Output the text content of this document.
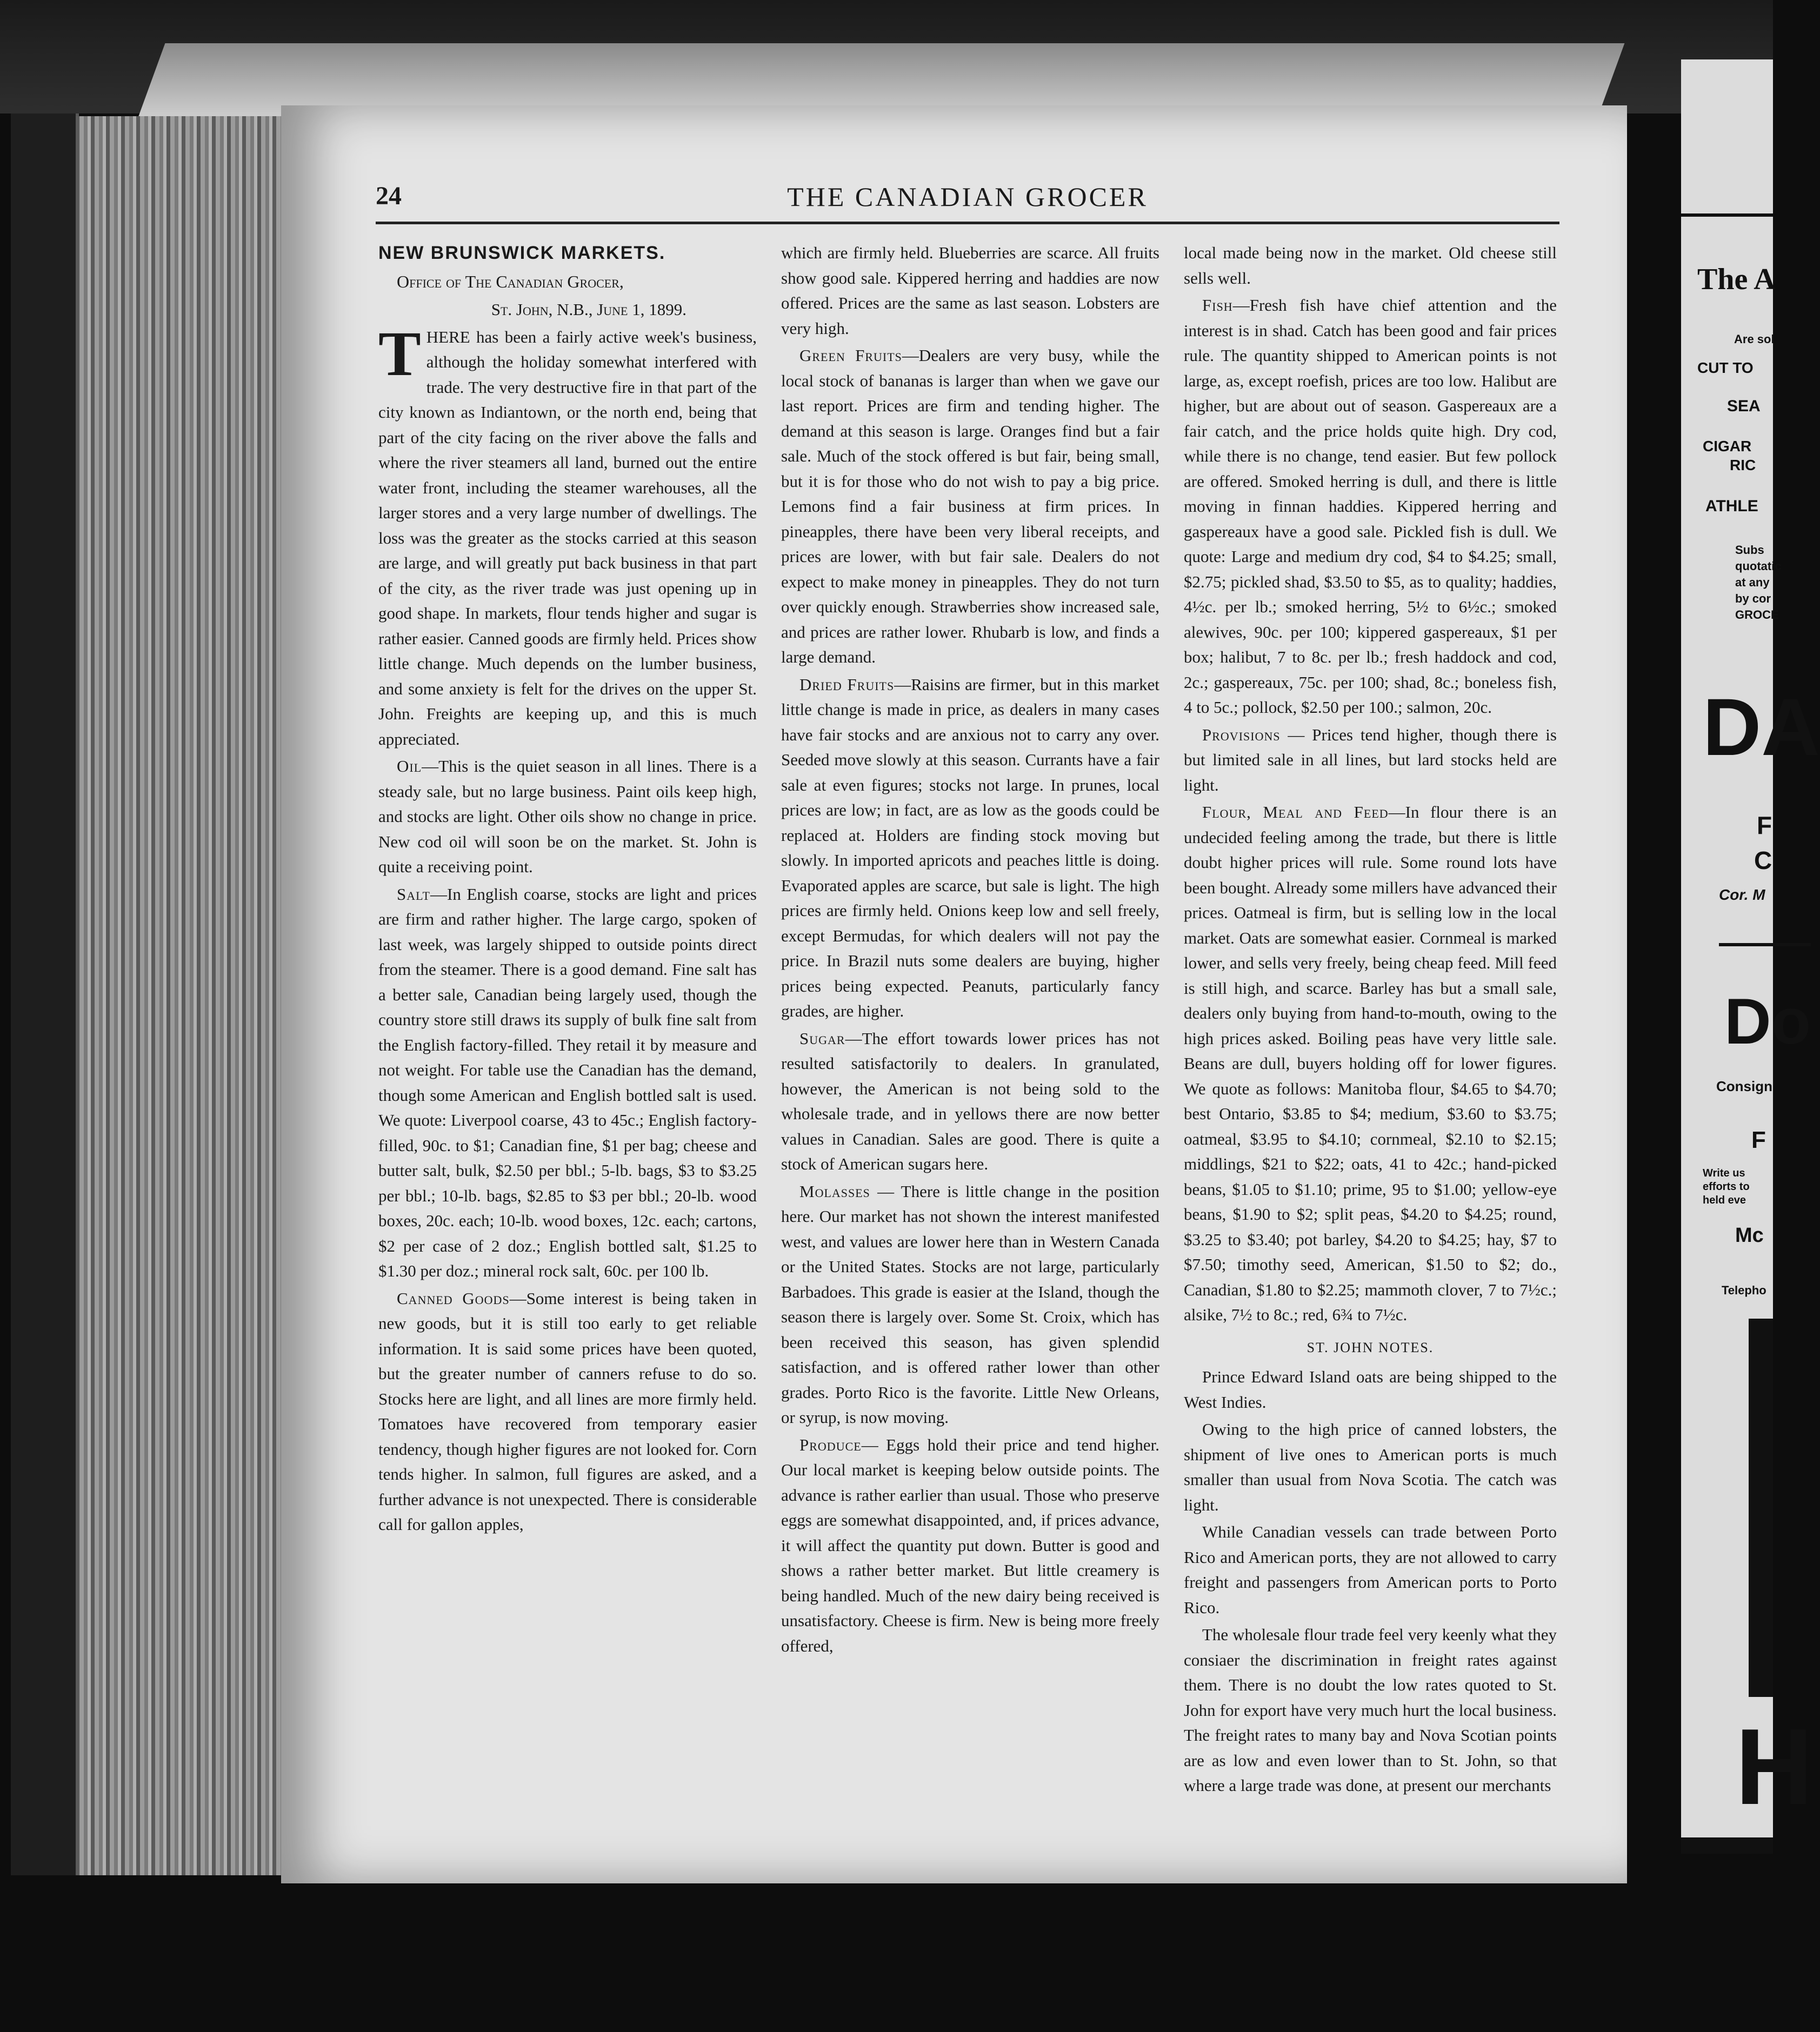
THE CANADIAN GROCER
24

NEW BRUNSWICK MARKETS.

Office of The Canadian Grocer,

St. John, N.B., June 1, 1899.

THERE has been a fairly active week's business, although the holiday somewhat interfered with trade. The very destructive fire in that part of the city known as Indiantown, or the north end, being that part of the city facing on the river above the falls and where the river steamers all land, burned out the entire water front, including the steamer warehouses, all the larger stores and a very large number of dwellings. The loss was the greater as the stocks carried at this season are large, and will greatly put back business in that part of the city, as the river trade was just opening up in good shape. In markets, flour tends higher and sugar is rather easier. Canned goods are firmly held. Prices show little change. Much depends on the lumber business, and some anxiety is felt for the drives on the upper St. John. Freights are keeping up, and this is much appreciated.

Oil—This is the quiet season in all lines. There is a steady sale, but no large business. Paint oils keep high, and stocks are light. Other oils show no change in price. New cod oil will soon be on the market. St. John is quite a receiving point.

Salt—In English coarse, stocks are light and prices are firm and rather higher. The large cargo, spoken of last week, was largely shipped to outside points direct from the steamer. There is a good demand. Fine salt has a better sale, Canadian being largely used, though the country store still draws its supply of bulk fine salt from the English factory-filled. They retail it by measure and not weight. For table use the Canadian has the demand, though some American and English bottled salt is used. We quote: Liverpool coarse, 43 to 45c.; English factory-filled, 90c. to $1; Canadian fine, $1 per bag; cheese and butter salt, bulk, $2.50 per bbl.; 5-lb. bags, $3 to $3.25 per bbl.; 10-lb. bags, $2.85 to $3 per bbl.; 20-lb. wood boxes, 20c. each; 10-lb. wood boxes, 12c. each; cartons, $2 per case of 2 doz.; English bottled salt, $1.25 to $1.30 per doz.; mineral rock salt, 60c. per 100 lb.

Canned Goods—Some interest is being taken in new goods, but it is still too early to get reliable information. It is said some prices have been quoted, but the greater number of canners refuse to do so. Stocks here are light, and all lines are more firmly held. Tomatoes have recovered from temporary easier tendency, though higher figures are not looked for. Corn tends higher. In salmon, full figures are asked, and a further advance is not unexpected. There is considerable call for gallon apples,

which are firmly held. Blueberries are scarce. All fruits show good sale. Kippered herring and haddies are now offered. Prices are the same as last season. Lobsters are very high.

Green Fruits—Dealers are very busy, while the local stock of bananas is larger than when we gave our last report. Prices are firm and tending higher. The demand at this season is large. Oranges find but a fair sale. Much of the stock offered is but fair, being small, but it is for those who do not wish to pay a big price. Lemons find a fair business at firm prices. In pineapples, there have been very liberal receipts, and prices are lower, with but fair sale. Dealers do not expect to make money in pineapples. They do not turn over quickly enough. Strawberries show increased sale, and prices are rather lower. Rhubarb is low, and finds a large demand.

Dried Fruits—Raisins are firmer, but in this market little change is made in price, as dealers in many cases have fair stocks and are anxious not to carry any over. Seeded move slowly at this season. Currants have a fair sale at even figures; stocks not large. In prunes, local prices are low; in fact, are as low as the goods could be replaced at. Holders are finding stock moving but slowly. In imported apricots and peaches little is doing. Evaporated apples are scarce, but sale is light. The high prices are firmly held. Onions keep low and sell freely, except Bermudas, for which dealers will not pay the price. In Brazil nuts some dealers are buying, higher prices being expected. Peanuts, particularly fancy grades, are higher.

Sugar—The effort towards lower prices has not resulted satisfactorily to dealers. In granulated, however, the American is not being sold to the wholesale trade, and in yellows there are now better values in Canadian. Sales are good. There is quite a stock of American sugars here.

Molasses — There is little change in the position here. Our market has not shown the interest manifested west, and values are lower here than in Western Canada or the United States. Stocks are not large, particularly Barbadoes. This grade is easier at the Island, though the season there is largely over. Some St. Croix, which has been received this season, has given splendid satisfaction, and is offered rather lower than other grades. Porto Rico is the favorite. Little New Orleans, or syrup, is now moving.

Produce— Eggs hold their price and tend higher. Our local market is keeping below outside points. The advance is rather earlier than usual. Those who preserve eggs are somewhat disappointed, and, if prices advance, it will affect the quantity put down. Butter is good and shows a rather better market. But little creamery is being handled. Much of the new dairy being received is unsatisfactory. Cheese is firm. New is being more freely offered,

local made being now in the market. Old cheese still sells well.

Fish—Fresh fish have chief attention and the interest is in shad. Catch has been good and fair prices rule. The quantity shipped to American points is not large, as, except roefish, prices are too low. Halibut are higher, but are about out of season. Gaspereaux are a fair catch, and the price holds quite high. Dry cod, while there is no change, tend easier. But few pollock are offered. Smoked herring is dull, and there is little moving in finnan haddies. Kippered herring and gaspereaux have a good sale. Pickled fish is dull. We quote: Large and medium dry cod, $4 to $4.25; small, $2.75; pickled shad, $3.50 to $5, as to quality; haddies, 4½c. per lb.; smoked herring, 5½ to 6½c.; smoked alewives, 90c. per 100; kippered gaspereaux, $1 per box; halibut, 7 to 8c. per lb.; fresh haddock and cod, 2c.; gaspereaux, 75c. per 100; shad, 8c.; boneless fish, 4 to 5c.; pollock, $2.50 per 100.; salmon, 20c.

Provisions — Prices tend higher, though there is but limited sale in all lines, but lard stocks held are light.

Flour, Meal and Feed—In flour there is an undecided feeling among the trade, but there is little doubt higher prices will rule. Some round lots have been bought. Already some millers have advanced their prices. Oatmeal is firm, but is selling low in the local market. Oats are somewhat easier. Cornmeal is marked lower, and sells very freely, being cheap feed. Mill feed is still high, and scarce. Barley has but a small sale, dealers only buying from hand-to-mouth, owing to the high prices asked. Boiling peas have very little sale. Beans are dull, buyers holding off for lower figures. We quote as follows: Manitoba flour, $4.65 to $4.70; best Ontario, $3.85 to $4; medium, $3.60 to $3.75; oatmeal, $3.95 to $4.10; cornmeal, $2.10 to $2.15; middlings, $21 to $22; oats, 41 to 42c.; hand-picked beans, $1.05 to $1.10; prime, 95 to $1.00; yellow-eye beans, $1.90 to $2; split peas, $4.20 to $4.25; round, $3.25 to $3.40; pot barley, $4.20 to $4.25; hay, $7 to $7.50; timothy seed, American, $1.50 to $2; do., Canadian, $1.80 to $2.25; mammoth clover, 7 to 7½c.; alsike, 7½ to 8c.; red, 6¾ to 7½c.

ST. JOHN NOTES.

Prince Edward Island oats are being shipped to the West Indies.

Owing to the high price of canned lobsters, the shipment of live ones to American ports is much smaller than usual from Nova Scotia. The catch was light.

While Canadian vessels can trade between Porto Rico and American ports, they are not allowed to carry freight and passengers from American ports to Porto Rico.

The wholesale flour trade feel very keenly what they consiaer the discrimination in freight rates against them. There is no doubt the low rates quoted to St. John for export have very much hurt the local business. The freight rates to many bay and Nova Scotian points are as low and even lower than to St. John, so that where a large trade was done, at present our merchants

The A
Are sol
CUT TO
SEA
CIGAR
RIC
ATHLE
Subs
quotatic
at any
by cor
GROCE
DA
F
C
Cor. M
Do
Consign
F
Write us
efforts to
held eve
Mc
Telepho
H
